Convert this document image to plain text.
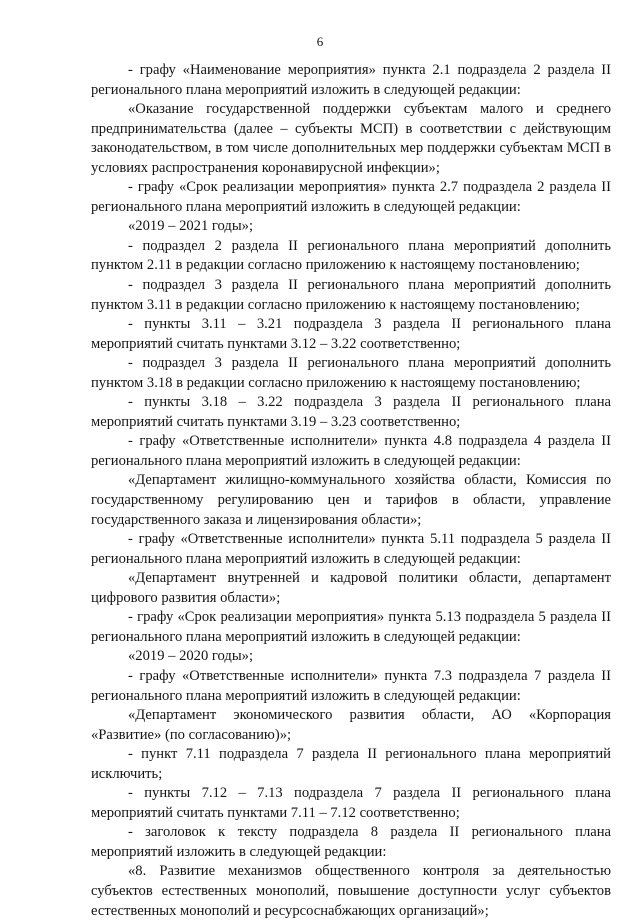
6

- графу «Наименование мероприятия» пункта 2.1 подраздела 2 раздела II регионального плана мероприятий изложить в следующей редакции:

«Оказание государственной поддержки субъектам малого и среднего предпринимательства (далее – субъекты МСП) в соответствии с действующим законодательством, в том числе дополнительных мер поддержки субъектам МСП в условиях распространения коронавирусной инфекции»;

- графу «Срок реализации мероприятия» пункта 2.7 подраздела 2 раздела II регионального плана мероприятий изложить в следующей редакции:

«2019 – 2021 годы»;

- подраздел 2 раздела II регионального плана мероприятий дополнить пунктом 2.11 в редакции согласно приложению к настоящему постановлению;

- подраздел 3 раздела II регионального плана мероприятий дополнить пунктом 3.11 в редакции согласно приложению к настоящему постановлению;

- пункты 3.11 – 3.21 подраздела 3 раздела II регионального плана мероприятий считать пунктами 3.12 – 3.22 соответственно;

- подраздел 3 раздела II регионального плана мероприятий дополнить пунктом 3.18 в редакции согласно приложению к настоящему постановлению;

- пункты 3.18 – 3.22 подраздела 3 раздела II регионального плана мероприятий считать пунктами 3.19 – 3.23 соответственно;

- графу «Ответственные исполнители» пункта 4.8 подраздела 4 раздела II регионального плана мероприятий изложить в следующей редакции:

«Департамент жилищно-коммунального хозяйства области, Комиссия по государственному регулированию цен и тарифов в области, управление государственного заказа и лицензирования области»;

- графу «Ответственные исполнители» пункта 5.11 подраздела 5 раздела II регионального плана мероприятий изложить в следующей редакции:

«Департамент внутренней и кадровой политики области, департамент цифрового развития области»;

- графу «Срок реализации мероприятия» пункта 5.13 подраздела 5 раздела II регионального плана мероприятий изложить в следующей редакции:

«2019 – 2020 годы»;

- графу «Ответственные исполнители» пункта 7.3 подраздела 7 раздела II регионального плана мероприятий изложить в следующей редакции:

«Департамент экономического развития области, АО «Корпорация «Развитие» (по согласованию)»;

- пункт 7.11 подраздела 7 раздела II регионального плана мероприятий исключить;

- пункты 7.12 – 7.13 подраздела 7 раздела II регионального плана мероприятий считать пунктами 7.11 – 7.12 соответственно;

- заголовок к тексту подраздела 8 раздела II регионального плана мероприятий изложить в следующей редакции:

«8. Развитие механизмов общественного контроля за деятельностью субъектов естественных монополий, повышение доступности услуг субъектов естественных монополий и ресурсоснабжающих организаций»;
